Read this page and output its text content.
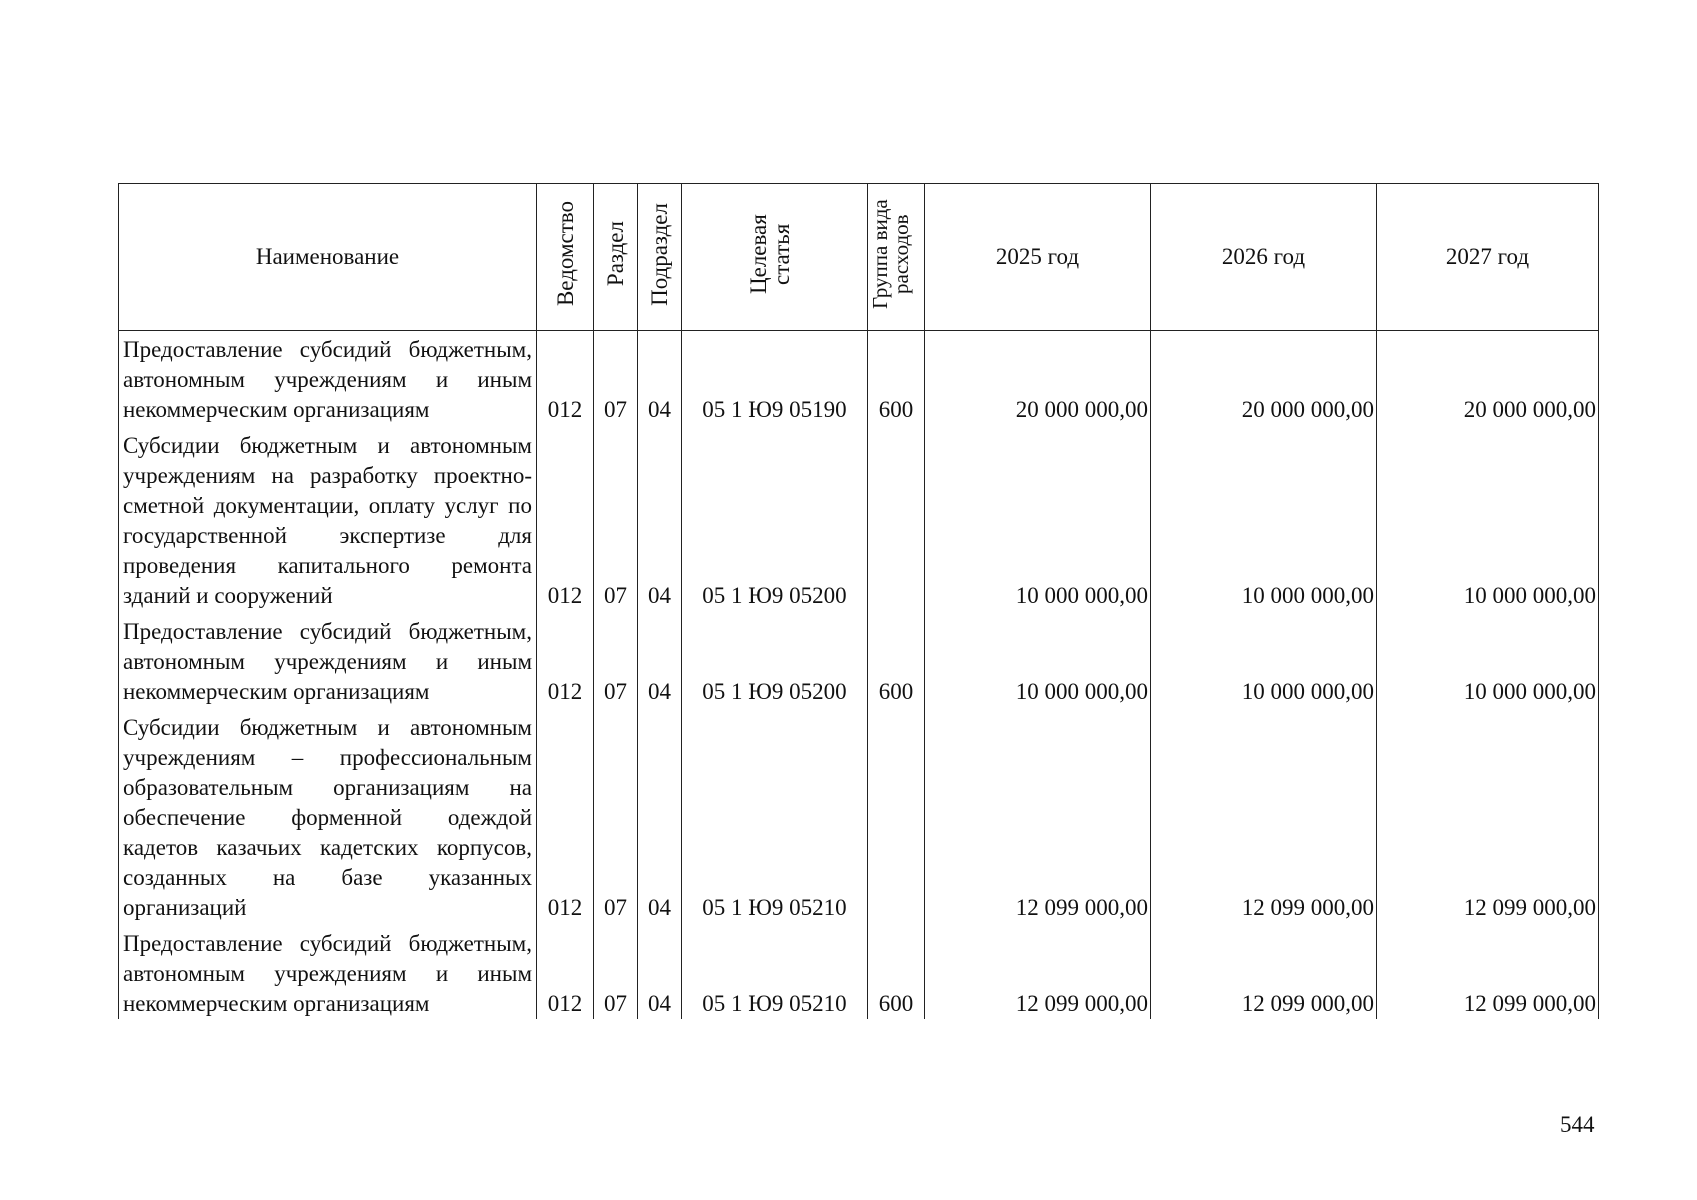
Наименование	Ведомство	Раздел	Подраздел	Целевая статья	Группа вида расходов	2025 год	2026 год	2027 год
Предоставление субсидий бюджетным, автономным учреждениям и иным некоммерческим организациям	012	07	04	05 1 Ю9 05190	600	20 000 000,00	20 000 000,00	20 000 000,00
Субсидии бюджетным и автономным учреждениям на разработку проектно-сметной документации, оплату услуг по государственной экспертизе для проведения капитального ремонта зданий и сооружений	012	07	04	05 1 Ю9 05200		10 000 000,00	10 000 000,00	10 000 000,00
Предоставление субсидий бюджетным, автономным учреждениям и иным некоммерческим организациям	012	07	04	05 1 Ю9 05200	600	10 000 000,00	10 000 000,00	10 000 000,00
Субсидии бюджетным и автономным учреждениям – профессиональным образовательным организациям на обеспечение форменной одеждой кадетов казачьих кадетских корпусов, созданных на базе указанных организаций	012	07	04	05 1 Ю9 05210		12 099 000,00	12 099 000,00	12 099 000,00
Предоставление субсидий бюджетным, автономным учреждениям и иным некоммерческим организациям	012	07	04	05 1 Ю9 05210	600	12 099 000,00	12 099 000,00	12 099 000,00
544
